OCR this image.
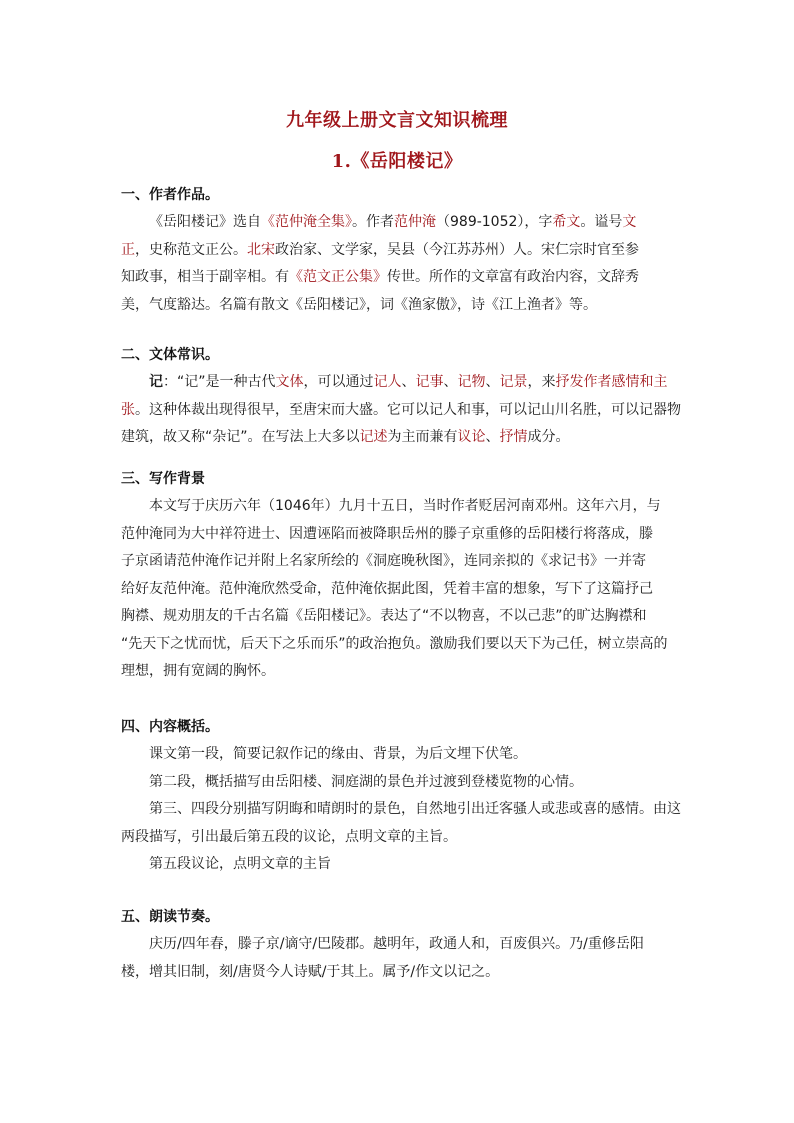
九年级上册文言文知识梳理
1.《岳阳楼记》
一、作者作品。
《岳阳楼记》选自《范仲淹全集》。作者范仲淹（989-1052），字希文。谥号文
正，史称范文正公。北宋政治家、文学家，吴县（今江苏苏州）人。宋仁宗时官至参
知政事，相当于副宰相。有《范文正公集》传世。所作的文章富有政治内容，文辞秀
美，气度豁达。名篇有散文《岳阳楼记》，词《渔家傲》，诗《江上渔者》等。
二、文体常识。
记：“记”是一种古代文体，可以通过记人、记事、记物、记景，来抒发作者感情和主
张。这种体裁出现得很早，至唐宋而大盛。它可以记人和事，可以记山川名胜，可以记器物
建筑，故又称“杂记”。在写法上大多以记述为主而兼有议论、抒情成分。
三、写作背景
本文写于庆历六年（1046年）九月十五日，当时作者贬居河南邓州。这年六月，与
范仲淹同为大中祥符进士、因遭诬陷而被降职岳州的滕子京重修的岳阳楼行将落成，滕
子京函请范仲淹作记并附上名家所绘的《洞庭晚秋图》，连同亲拟的《求记书》一并寄
给好友范仲淹。范仲淹欣然受命，范仲淹依据此图，凭着丰富的想象，写下了这篇抒己
胸襟、规劝朋友的千古名篇《岳阳楼记》。表达了“不以物喜，不以己悲”的旷达胸襟和
“先天下之忧而忧，后天下之乐而乐”的政治抱负。激励我们要以天下为己任，树立崇高的
理想，拥有宽阔的胸怀。
四、内容概括。
课文第一段，简要记叙作记的缘由、背景，为后文埋下伏笔。
第二段，概括描写由岳阳楼、洞庭湖的景色并过渡到登楼览物的心情。
第三、四段分别描写阴晦和晴朗时的景色，自然地引出迁客骚人或悲或喜的感情。由这
两段描写，引出最后第五段的议论，点明文章的主旨。
第五段议论，点明文章的主旨
五、朗读节奏。
庆历/四年春，滕子京/谪守/巴陵郡。越明年，政通人和，百废俱兴。乃/重修岳阳
楼，增其旧制，刻/唐贤今人诗赋/于其上。属予/作文以记之。
